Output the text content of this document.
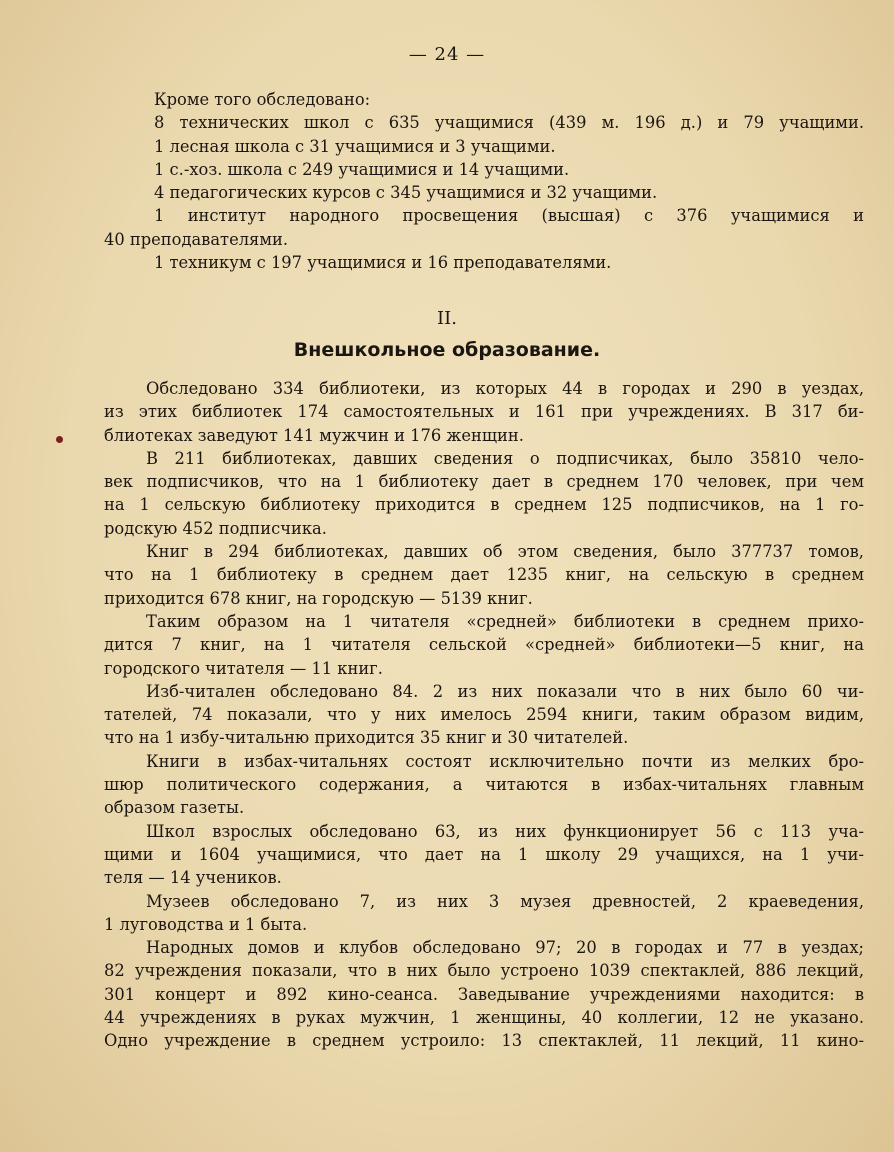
— 24 —
Кроме того обследовано:
8 технических школ с 635 учащимися (439 м. 196 д.) и 79 учащими.
1 лесная школа с 31 учащимися и 3 учащими.
1 с.-хоз. школа с 249 учащимися и 14 учащими.
4 педагогических курсов с 345 учащимися и 32 учащими.
1 институт народного просвещения (высшая) с 376 учащимися и
40 преподавателями.
1 техникум с 197 учащимися и 16 преподавателями.
II.
Внешкольное образование.
Обследовано 334 библиотеки, из которых 44 в городах и 290 в уездах,
из этих библиотек 174 самостоятельных и 161 при учреждениях. В 317 би-
блиотеках заведуют 141 мужчин и 176 женщин.
В 211 библиотеках, давших сведения о подписчиках, было 35810 чело-
век подписчиков, что на 1 библиотеку дает в среднем 170 человек, при чем
на 1 сельскую библиотеку приходится в среднем 125 подписчиков, на 1 го-
родскую 452 подписчика.
Книг в 294 библиотеках, давших об этом сведения, было 377737 томов,
что на 1 библиотеку в среднем дает 1235 книг, на сельскую в среднем
приходится 678 книг, на городскую — 5139 книг.
Таким образом на 1 читателя «средней» библиотеки в среднем прихо-
дится 7 книг, на 1 читателя сельской «средней» библиотеки—5 книг, на
городского читателя — 11 книг.
Изб-читален обследовано 84. 2 из них показали что в них было 60 чи-
тателей, 74 показали, что у них имелось 2594 книги, таким образом видим,
что на 1 избу-читальню приходится 35 книг и 30 читателей.
Книги в избах-читальнях состоят исключительно почти из мелких бро-
шюр политического содержания, а читаются в избах-читальнях главным
образом газеты.
Школ взрослых обследовано 63, из них функционирует 56 с 113 уча-
щими и 1604 учащимися, что дает на 1 школу 29 учащихся, на 1 учи-
теля — 14 учеников.
Музеев обследовано 7, из них 3 музея древностей, 2 краеведения,
1 луговодства и 1 быта.
Народных домов и клубов обследовано 97; 20 в городах и 77 в уездах;
82 учреждения показали, что в них было устроено 1039 спектаклей, 886 лекций,
301 концерт и 892 кино-сеанса. Заведывание учреждениями находится: в
44 учреждениях в руках мужчин, 1 женщины, 40 коллегии, 12 не указано.
Одно учреждение в среднем устроило: 13 спектаклей, 11 лекций, 11 кино-
